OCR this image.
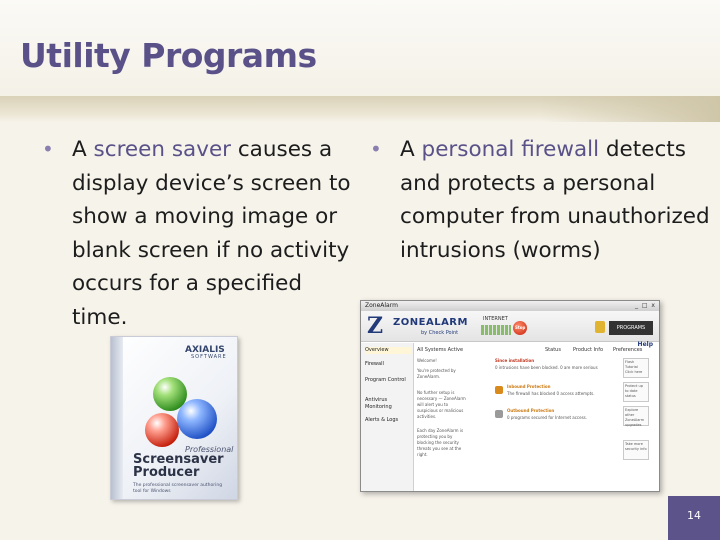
Utility Programs
• A screen saver causes a display device’s screen to show a moving image or blank screen if no activity occurs for a specified time.
• A personal firewall detects and protects a personal computer from unauthorized intrusions (worms)
AXIALIS
SOFTWARE
Professional
Screensaver
Producer
The professional screensaver authoring tool for Windows
ZoneAlarm	_ □ x
Z ZONEALARM
by Check Point
INTERNET
Stop	PROGRAMS
Help
Overview
Firewall
Program Control
Antivirus Monitoring
Alerts & Logs
All Systems Active	Status Product Info Preferences
Welcome!
You're protected by ZoneAlarm.
No further setup is necessary — ZoneAlarm will alert you to suspicious or malicious activities.
Each day ZoneAlarm is protecting you by blocking the security threats you see at the right.
Since installation
0 intrusions have been blocked. 0 are more serious
Inbound Protection
The firewall has blocked 0 access attempts.
Outbound Protection
0 programs secured for Internet access.
Flash Tutorial Click here
Protect up to date status
Explore other ZoneAlarm upgrades
Take more security info
14
